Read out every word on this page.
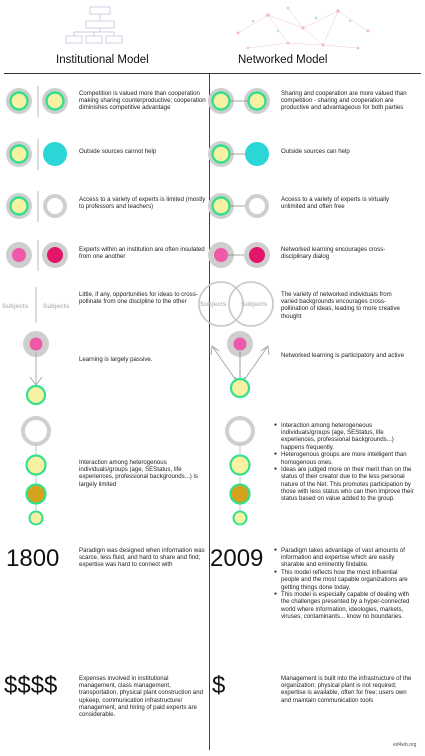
Institutional Model	Networked Model
Competition is valued more than cooperation making sharing counterproductive; cooperation diminishes competitive advantage
Sharing and cooperation are more valued than competition - sharing and cooperation are productive and advantageous for both parties
Outside sources cannot help	Outside sources can help
Access to a variety of experts is limited (mostly to professors and teachers)
Access to a variety of experts is virtually unlimited and often free
Experts within an institution are often insulated from one another
Networked learning encourages cross-disciplinary dialog
Subjects Subjects
Little, if any, opportunities for ideas to cross-pollinate from one discipline to the other	Subjects Subjects
The variety of networked individuals from varied backgrounds encourages cross-pollination of ideas, leading to more creative thought
Learning is largely passive.
Networked learning is participatory and active
Interaction among heterogenous individuals/groups (age, SEStatus, life experiences, professional backgrounds...) is largely limited
● Interaction among heterogeneous individuals/groups (age, SEStatus, life experiences, professional backgrounds...) happens frequently.
● Heterogenous groups are more intelligent than homogenous ones.
● Ideas are judged more on their merit than on the status of their creator due to the less personal nature of the Net. This promotes participation by those with less status who can then improve their status based on value added to the group.
1800	Paradigm was designed when information was scarce, less fluid, and hard to share and find; expertise was hard to connect with	2009
●	Paradigm takes advantage of vast amounts of information and expertise which are easily sharable and eminently findable.
● This model reflects how the most influential people and the most capable organizations are getting things done today.
● This model is especially capable of dealing with the challenges presented by a hyper-connected world where information, ideologies, markets, viruses, contaminants... know no boundaries.
$$$$	Expenses involved in institutional management, class management, transportation, physical plant construction and upkeep, communication infrastructure/ management, and hiring of paid experts are considerable.
$	Management is built into the infrastructure of the organization; physical plant is not required; expertise is available, often for free; users own and maintain communication tools
ed4wb.org
